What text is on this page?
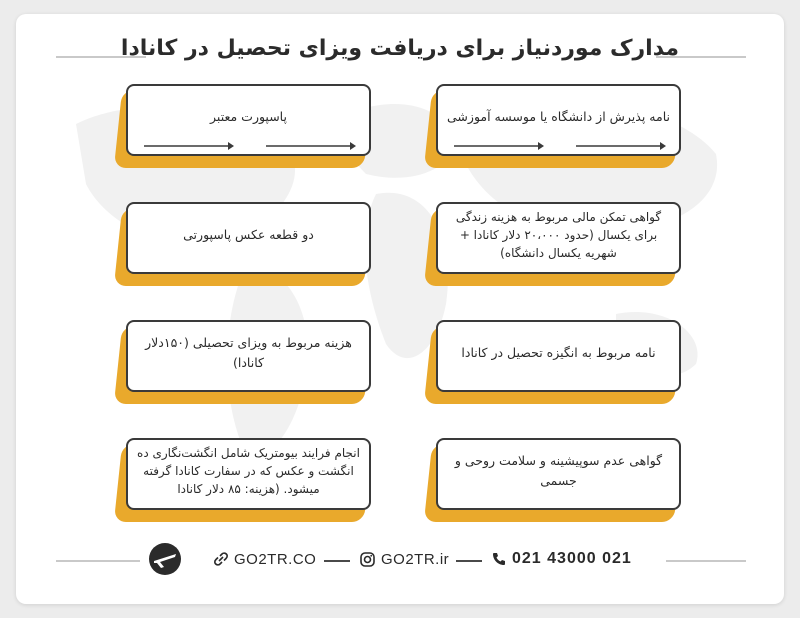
مدارک موردنیاز برای دریافت ویزای تحصیل در کانادا
نامه پذیرش از دانشگاه یا موسسه آموزشی
گواهی تمکن مالی مربوط به هزینه زندگی برای یکسال (حدود ۲۰،۰۰۰ دلار کانادا + شهریه یکسال دانشگاه)
نامه مربوط به انگیزه تحصیل در کانادا
گواهی عدم سوپیشینه و سلامت روحی و جسمی
پاسپورت معتبر
دو قطعه عکس پاسپورتی
هزینه مربوط به ویزای تحصیلی (۱۵۰دلار کانادا)
انجام فرایند بیومتریک شامل انگشت‌نگاری ده انگشت و عکس که در سفارت کانادا گرفته میشود. (هزینه: ۸۵ دلار کانادا
GO2TR.CO	GO2TR.ir	021 43000 021
